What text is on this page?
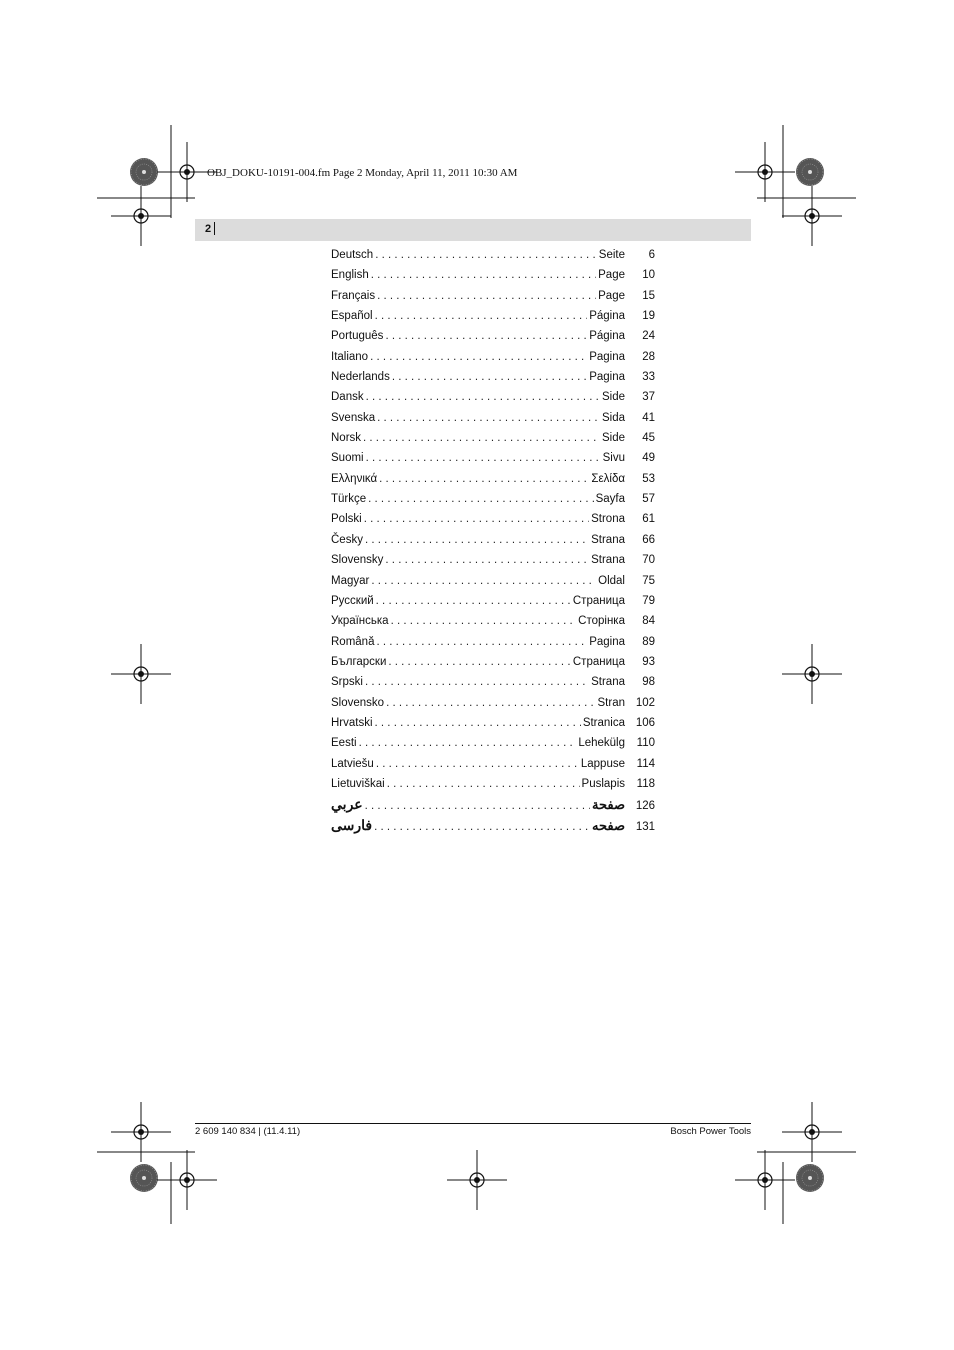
OBJ_DOKU-10191-004.fm Page 2 Monday, April 11, 2011 10:30 AM
2
Deutsch . . .	Seite	6
English . . .	Page	10
Français . . .	Page	15
Español . . .	Página	19
Português . . .	Página	24
Italiano . . .	Pagina	28
Nederlands . . .	Pagina	33
Dansk . . .	Side	37
Svenska . . .	Sida	41
Norsk . . .	Side	45
Suomi . . .	Sivu	49
Ελληνικά . . .	Σελίδα	53
Türkçe . . .	Sayfa	57
Polski . . .	Strona	61
Česky . . .	Strana	66
Slovensky . . .	Strana	70
Magyar . . .	Oldal	75
Русский . . .	Страница	79
Українська . . .	Сторінка	84
Română . . .	Pagina	89
Български . . .	Страница	93
Srpski . . .	Strana	98
Slovensko . . .	Stran 102
Hrvatski . . .	Stranica 106
Eesti . . .	Lehekülg	110
Latviešu . . .	Lappuse	114
Lietuviškai . . .	Puslapis	118
عربي . . .	صفحة 126
فارسی . . .	صفحه 131
2 609 140 834 | (11.4.11)	Bosch Power Tools
